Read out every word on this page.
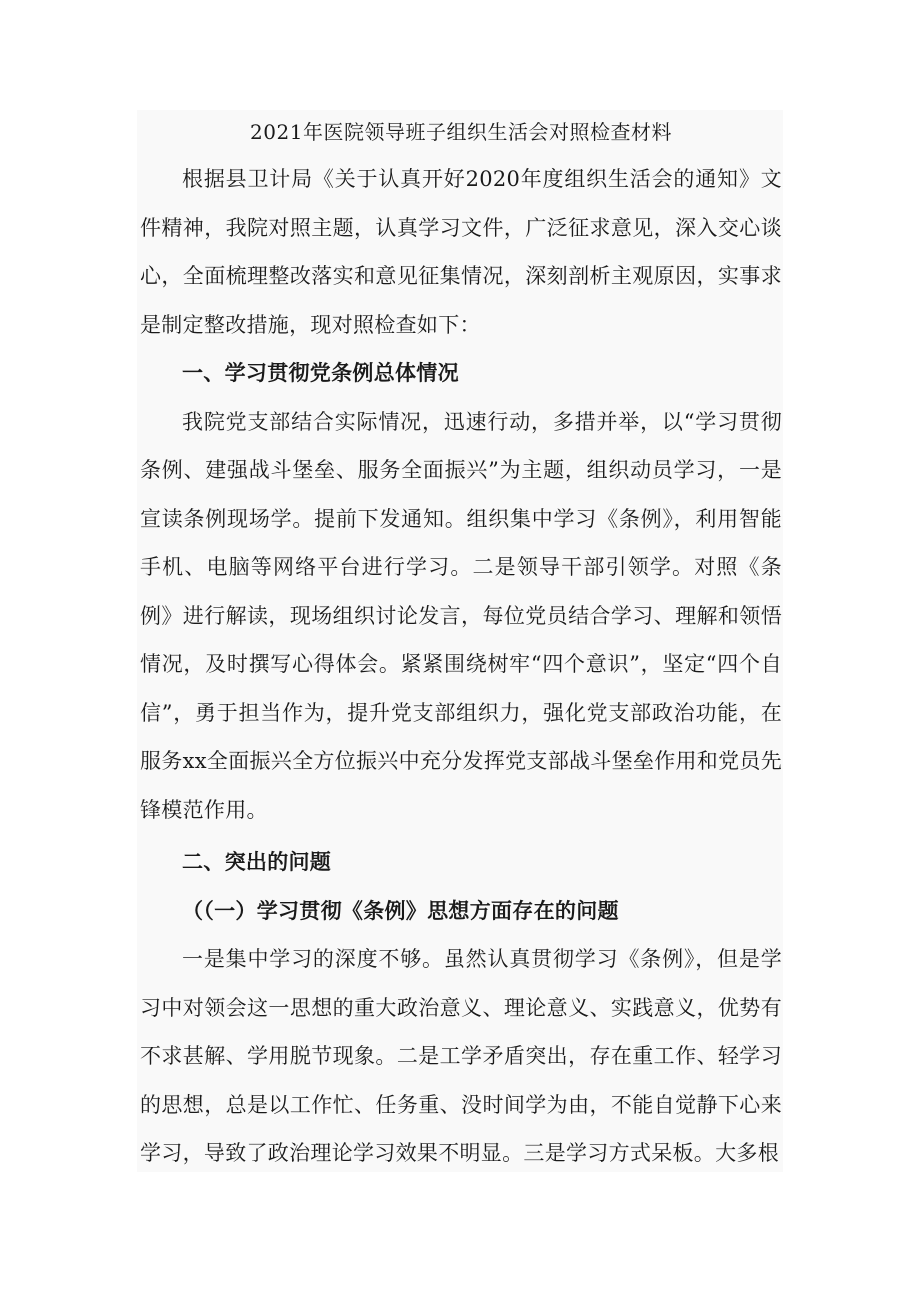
2021年医院领导班子组织生活会对照检查材料

根据县卫计局《关于认真开好2020年度组织生活会的通知》文件精神，我院对照主题，认真学习文件，广泛征求意见，深入交心谈心，全面梳理整改落实和意见征集情况，深刻剖析主观原因，实事求是制定整改措施，现对照检查如下：

一、学习贯彻党条例总体情况

我院党支部结合实际情况，迅速行动，多措并举，以“学习贯彻条例、建强战斗堡垒、服务全面振兴”为主题，组织动员学习，一是宣读条例现场学。提前下发通知。组织集中学习《条例》，利用智能手机、电脑等网络平台进行学习。二是领导干部引领学。对照《条例》进行解读，现场组织讨论发言，每位党员结合学习、理解和领悟情况，及时撰写心得体会。紧紧围绕树牢“四个意识”，坚定“四个自信”，勇于担当作为，提升党支部组织力，强化党支部政治功能，在服务xx全面振兴全方位振兴中充分发挥党支部战斗堡垒作用和党员先锋模范作用。

二、突出的问题
（（一）学习贯彻《条例》思想方面存在的问题

一是集中学习的深度不够。虽然认真贯彻学习《条例》，但是学习中对领会这一思想的重大政治意义、理论意义、实践意义，优势有不求甚解、学用脱节现象。二是工学矛盾突出，存在重工作、轻学习的思想，总是以工作忙、任务重、没时间学为由，不能自觉静下心来学习，导致了政治理论学习效果不明显。三是学习方式呆板。大多根
